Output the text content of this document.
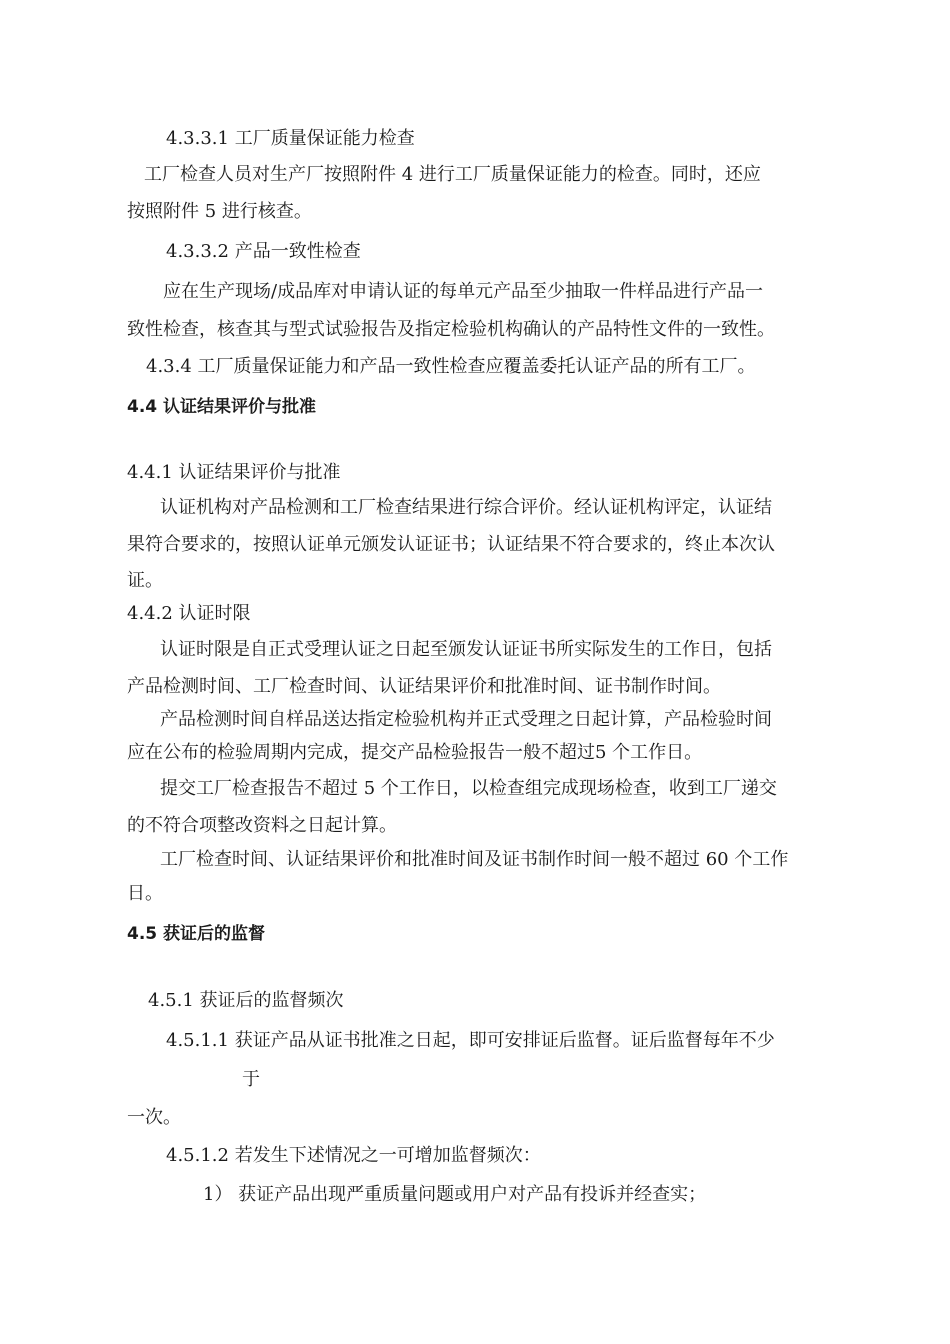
4.3.3.1 工厂质量保证能力检查
工厂检查人员对生产厂按照附件 4 进行工厂质量保证能力的检查。同时，还应
按照附件 5 进行核查。
4.3.3.2 产品一致性检查
应在生产现场/成品库对申请认证的每单元产品至少抽取一件样品进行产品一
致性检查，核查其与型式试验报告及指定检验机构确认的产品特性文件的一致性。
4.3.4 工厂质量保证能力和产品一致性检查应覆盖委托认证产品的所有工厂。
4.4 认证结果评价与批准
4.4.1 认证结果评价与批准
认证机构对产品检测和工厂检查结果进行综合评价。经认证机构评定，认证结
果符合要求的，按照认证单元颁发认证证书；认证结果不符合要求的，终止本次认
证。
4.4.2 认证时限
认证时限是自正式受理认证之日起至颁发认证证书所实际发生的工作日，包括
产品检测时间、工厂检查时间、认证结果评价和批准时间、证书制作时间。
产品检测时间自样品送达指定检验机构并正式受理之日起计算，产品检验时间
应在公布的检验周期内完成，提交产品检验报告一般不超过5 个工作日。
提交工厂检查报告不超过 5 个工作日，以检查组完成现场检查，收到工厂递交
的不符合项整改资料之日起计算。
工厂检查时间、认证结果评价和批准时间及证书制作时间一般不超过 60 个工作
日。
4.5 获证后的监督
4.5.1 获证后的监督频次
4.5.1.1 获证产品从证书批准之日起，即可安排证后监督。证后监督每年不少
于
一次。
4.5.1.2 若发生下述情况之一可增加监督频次：
1） 获证产品出现严重质量问题或用户对产品有投诉并经查实；
